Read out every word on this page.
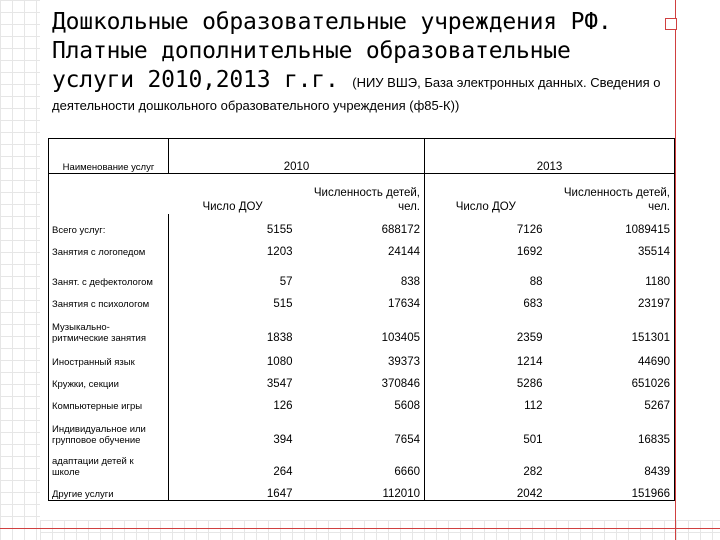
Дошкольные образовательные учреждения РФ.
Платные дополнительные образовательные
услуги 2010,2013 г.г. (НИУ ВШЭ, База электронных данных. Сведения о
деятельности дошкольного образовательного учреждения (ф85-К))
Наименование услуг	2010		2013	
	Число ДОУ	Численность детей, чел.	Число ДОУ	Численность детей, чел.
Всего услуг:	5155	688172	7126	1089415
Занятия с логопедом	1203	24144	1692	35514
Занят. с дефектологом	57	838	88	1180
Занятия с психологом	515	17634	683	23197
Музыкально-ритмические занятия	1838	103405	2359	151301
Иностранный язык	1080	39373	1214	44690
Кружки, секции	3547	370846	5286	651026
Компьютерные игры	126	5608	112	5267
Индивидуальное или групповое обучение	394	7654	501	16835
адаптации детей к школе	264	6660	282	8439
Другие услуги	1647	112010	2042	151966
